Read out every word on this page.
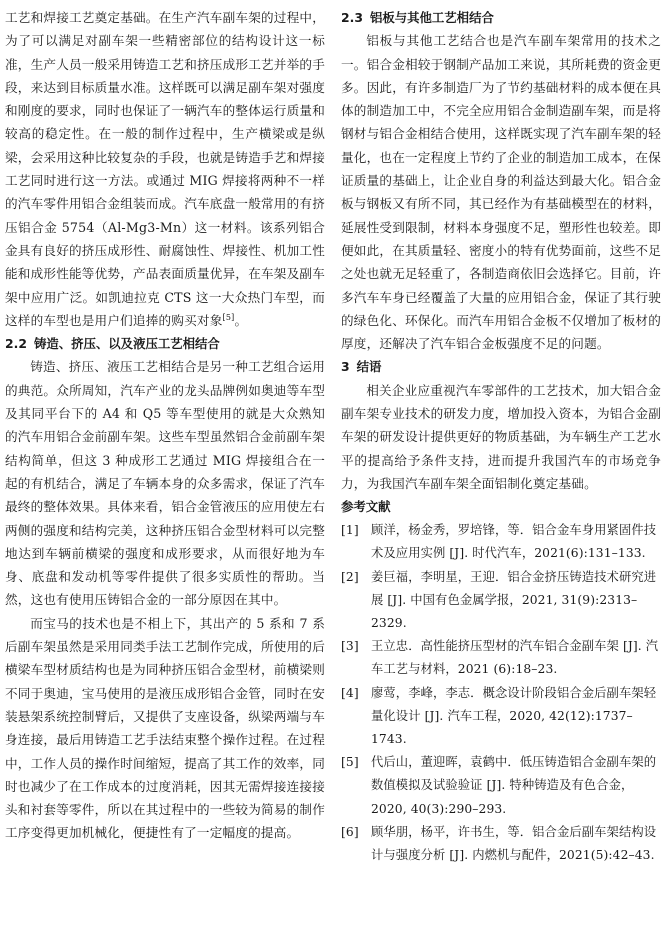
工艺和焊接工艺奠定基础。在生产汽车副车架的过程中，为了可以满足对副车架一些精密部位的结构设计这一标准，生产人员一般采用铸造工艺和挤压成形工艺并举的手段，来达到目标质量水准。这样既可以满足副车架对强度和刚度的要求，同时也保证了一辆汽车的整体运行质量和较高的稳定性。在一般的制作过程中，生产横梁或是纵梁，会采用这种比较复杂的手段，也就是铸造手艺和焊接工艺同时进行这一方法。或通过 MIG 焊接将两种不一样的汽车零件用铝合金组装而成。汽车底盘一般常用的有挤压铝合金 5754（Al-Mg3-Mn）这一材料。该系列铝合金具有良好的挤压成形性、耐腐蚀性、焊接性、机加工性能和成形性能等优势，产品表面质量优异，在车架及副车架中应用广泛。如凯迪拉克 CTS 这一大众热门车型，而这样的车型也是用户们追捧的购买对象[5]。

2.2 铸造、挤压、以及液压工艺相结合

铸造、挤压、液压工艺相结合是另一种工艺组合运用的典范。众所周知，汽车产业的龙头品牌例如奥迪等车型及其同平台下的 A4 和 Q5 等车型使用的就是大众熟知的汽车用铝合金前副车架。这些车型虽然铝合金前副车架结构简单，但这 3 种成形工艺通过 MIG 焊接组合在一起的有机结合，满足了车辆本身的众多需求，保证了汽车最终的整体效果。具体来看，铝合金管液压的应用使左右两侧的强度和结构完美，这种挤压铝合金型材料可以完整地达到车辆前横梁的强度和成形要求，从而很好地为车身、底盘和发动机等零件提供了很多实质性的帮助。当然，这也有使用压铸铝合金的一部分原因在其中。

而宝马的技术也是不相上下，其出产的 5 系和 7 系后副车架虽然是采用同类手法工艺制作完成，所使用的后横梁车型材质结构也是为同种挤压铝合金型材，前横梁则不同于奥迪，宝马使用的是液压成形铝合金管，同时在安装悬架系统控制臂后，又提供了支座设备，纵梁两端与车身连接，最后用铸造工艺手法结束整个操作过程。在过程中，工作人员的操作时间缩短，提高了其工作的效率，同时也减少了在工作成本的过度消耗，因其无需焊接连接接头和衬套等零件，所以在其过程中的一些较为简易的制作工序变得更加机械化，便捷性有了一定幅度的提高。

2.3 铝板与其他工艺相结合

铝板与其他工艺结合也是汽车副车架常用的技术之一。铝合金相较于钢制产品加工来说，其所耗费的资金更多。因此，有许多制造厂为了节约基础材料的成本便在具体的制造加工中，不完全应用铝合金制造副车架，而是将钢材与铝合金相结合使用，这样既实现了汽车副车架的轻量化，也在一定程度上节约了企业的制造加工成本，在保证质量的基础上，让企业自身的利益达到最大化。铝合金板与钢板又有所不同，其已经作为有基础模型在的材料，延展性受到限制，材料本身强度不足，塑形性也较差。即便如此，在其质量轻、密度小的特有优势面前，这些不足之处也就无足轻重了，各制造商依旧会选择它。目前，许多汽车车身已经覆盖了大量的应用铝合金，保证了其行驶的绿色化、环保化。而汽车用铝合金板不仅增加了板材的厚度，还解决了汽车铝合金板强度不足的问题。

3 结语

相关企业应重视汽车零部件的工艺技术，加大铝合金副车架专业技术的研发力度，增加投入资本，为铝合金副车架的研发设计提供更好的物质基础，为车辆生产工艺水平的提高给予条件支持，进而提升我国汽车的市场竞争力，为我国汽车副车架全面铝制化奠定基础。

参考文献

[1] 顾洋，杨金秀，罗培锋，等．铝合金车身用紧固件技术及应用实例 [J]. 时代汽车，2021(6):131–133.

[2] 姜巨福，李明星，王迎．铝合金挤压铸造技术研究进展 [J]. 中国有色金属学报，2021, 31(9):2313–2329.

[3] 王立忠．高性能挤压型材的汽车铝合金副车架 [J]. 汽车工艺与材料，2021 (6):18–23.

[4] 廖莺，李峰，李志．概念设计阶段铝合金后副车架轻量化设计 [J]. 汽车工程，2020, 42(12):1737–1743.

[5] 代后山，董迎晖，袁鹤中．低压铸造铝合金副车架的数值模拟及试验验证 [J]. 特种铸造及有色合金，2020, 40(3):290–293.

[6] 顾华朋，杨平，许书生，等．铝合金后副车架结构设计与强度分析 [J]. 内燃机与配件，2021(5):42–43.
